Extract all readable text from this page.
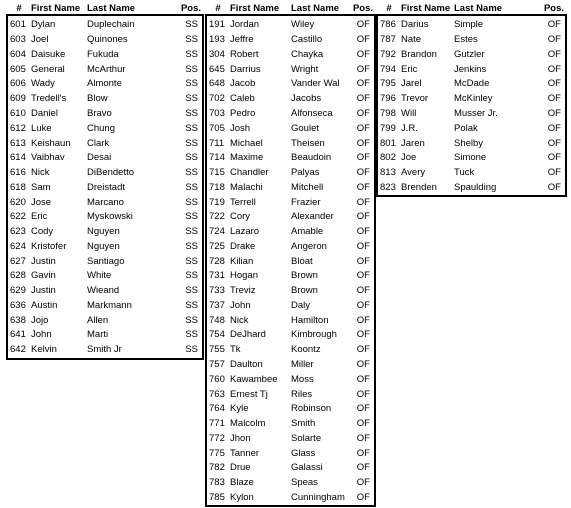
#	First Name	Last Name	Pos.
601	Dylan	Duplechain	SS
603	Joel	Quinones	SS
604	Daisuke	Fukuda	SS
605	General	McArthur	SS
606	Wady	Almonte	SS
609	Tredell's	Blow	SS
610	Daniel	Bravo	SS
612	Luke	Chung	SS
613	Keishaun	Clark	SS
614	Vaibhav	Desai	SS
616	Nick	DiBendetto	SS
618	Sam	Dreistadt	SS
620	Jose	Marcano	SS
622	Eric	Myskowski	SS
623	Cody	Nguyen	SS
624	Kristofer	Nguyen	SS
627	Justin	Santiago	SS
628	Gavin	White	SS
629	Justin	Wieand	SS
636	Austin	Markmann	SS
638	Jojo	Allen	SS
641	John	Marti	SS
642	Kelvin	Smith Jr	SS
#	First Name	Last Name	Pos.
191	Jordan	Wiley	OF
193	Jeffre	Castillo	OF
304	Robert	Chayka	OF
645	Darrius	Wright	OF
648	Jacob	Vander Wal	OF
702	Caleb	Jacobs	OF
703	Pedro	Alfonseca	OF
705	Josh	Goulet	OF
711	Michael	Theisen	OF
714	Maxime	Beaudoin	OF
715	Chandler	Palyas	OF
718	Malachi	Mitchell	OF
719	Terrell	Frazier	OF
722	Cory	Alexander	OF
724	Lazaro	Amable	OF
725	Drake	Angeron	OF
728	Kilian	Bloat	OF
731	Hogan	Brown	OF
733	Treviz	Brown	OF
737	John	Daly	OF
748	Nick	Hamilton	OF
754	DeJhard	Kimbrough	OF
755	Tk	Koontz	OF
757	Daulton	Miller	OF
760	Kawambee	Moss	OF
763	Ernest Tj	Riles	OF
764	Kyle	Robinson	OF
771	Malcolm	Smith	OF
772	Jhon	Solarte	OF
775	Tanner	Glass	OF
782	Drue	Galassi	OF
783	Blaze	Speas	OF
785	Kylon	Cunningham	OF
#	First Name	Last Name	Pos.
786	Darius	Simple	OF
787	Nate	Estes	OF
792	Brandon	Gutzler	OF
794	Eric	Jenkins	OF
795	Jarel	McDade	OF
796	Trevor	McKinley	OF
798	Will	Musser Jr.	OF
799	J.R.	Polak	OF
801	Jaren	Shelby	OF
802	Joe	Simone	OF
813	Avery	Tuck	OF
823	Brenden	Spaulding	OF
